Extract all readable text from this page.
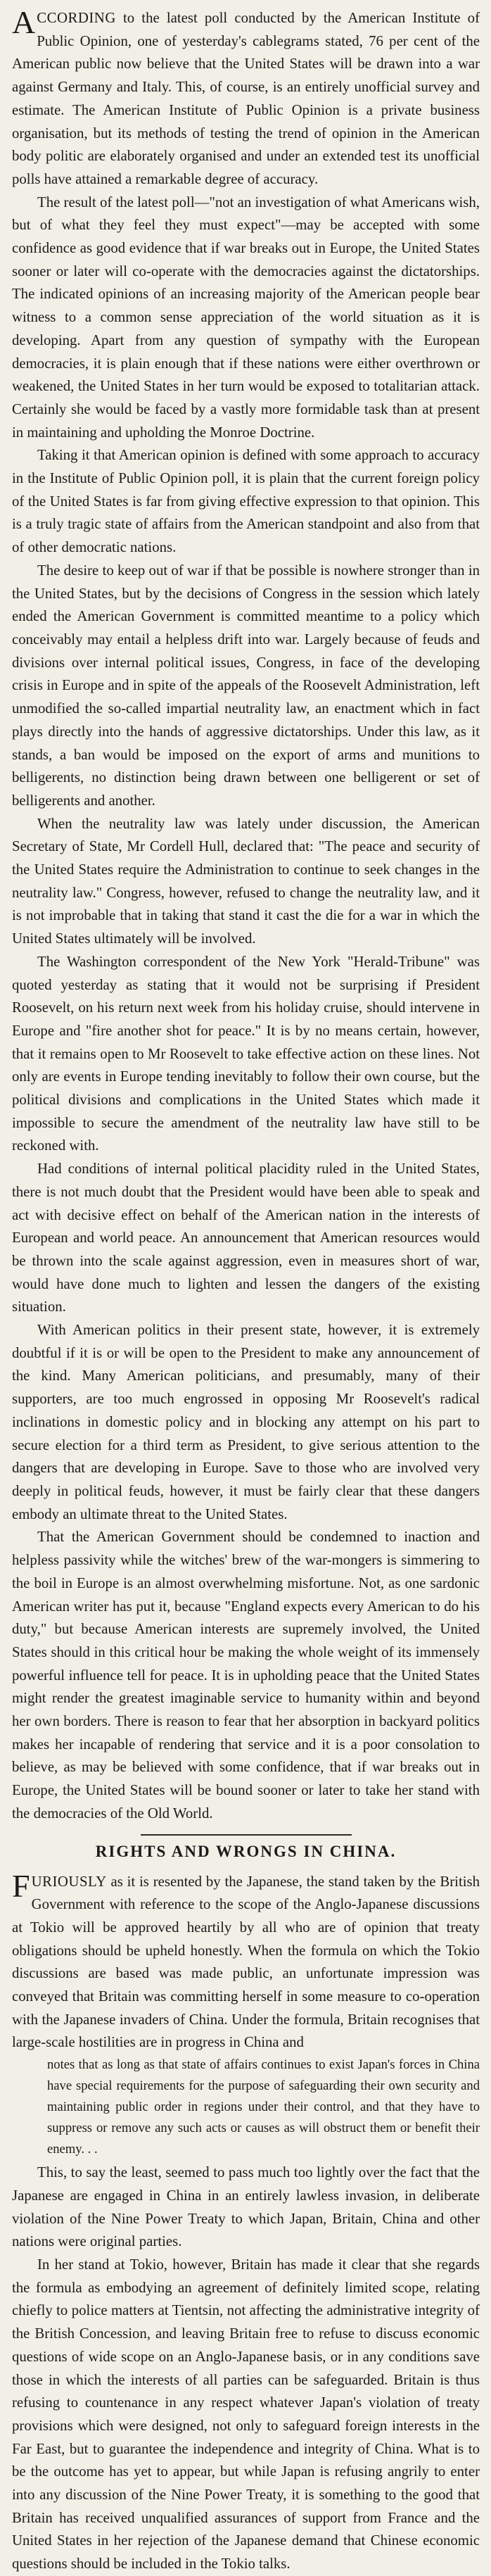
ACCORDING to the latest poll conducted by the American Institute of Public Opinion, one of yesterday's cablegrams stated, 76 per cent of the American public now believe that the United States will be drawn into a war against Germany and Italy. This, of course, is an entirely unofficial survey and estimate. The American Institute of Public Opinion is a private business organisation, but its methods of testing the trend of opinion in the American body politic are elaborately organised and under an extended test its unofficial polls have attained a remarkable degree of accuracy.

The result of the latest poll—"not an investigation of what Americans wish, but of what they feel they must expect"—may be accepted with some confidence as good evidence that if war breaks out in Europe, the United States sooner or later will co-operate with the democracies against the dictatorships. The indicated opinions of an increasing majority of the American people bear witness to a common sense appreciation of the world situation as it is developing. Apart from any question of sympathy with the European democracies, it is plain enough that if these nations were either overthrown or weakened, the United States in her turn would be exposed to totalitarian attack. Certainly she would be faced by a vastly more formidable task than at present in maintaining and upholding the Monroe Doctrine.

Taking it that American opinion is defined with some approach to accuracy in the Institute of Public Opinion poll, it is plain that the current foreign policy of the United States is far from giving effective expression to that opinion. This is a truly tragic state of affairs from the American standpoint and also from that of other democratic nations.

The desire to keep out of war if that be possible is nowhere stronger than in the United States, but by the decisions of Congress in the session which lately ended the American Government is committed meantime to a policy which conceivably may entail a helpless drift into war. Largely because of feuds and divisions over internal political issues, Congress, in face of the developing crisis in Europe and in spite of the appeals of the Roosevelt Administration, left unmodified the so-called impartial neutrality law, an enactment which in fact plays directly into the hands of aggressive dictatorships. Under this law, as it stands, a ban would be imposed on the export of arms and munitions to belligerents, no distinction being drawn between one belligerent or set of belligerents and another.

When the neutrality law was lately under discussion, the American Secretary of State, Mr Cordell Hull, declared that: "The peace and security of the United States require the Administration to continue to seek changes in the neutrality law." Congress, however, refused to change the neutrality law, and it is not improbable that in taking that stand it cast the die for a war in which the United States ultimately will be involved.

The Washington correspondent of the New York "Herald-Tribune" was quoted yesterday as stating that it would not be surprising if President Roosevelt, on his return next week from his holiday cruise, should intervene in Europe and "fire another shot for peace." It is by no means certain, however, that it remains open to Mr Roosevelt to take effective action on these lines. Not only are events in Europe tending inevitably to follow their own course, but the political divisions and complications in the United States which made it impossible to secure the amendment of the neutrality law have still to be reckoned with.

Had conditions of internal political placidity ruled in the United States, there is not much doubt that the President would have been able to speak and act with decisive effect on behalf of the American nation in the interests of European and world peace. An announcement that American resources would be thrown into the scale against aggression, even in measures short of war, would have done much to lighten and lessen the dangers of the existing situation.

With American politics in their present state, however, it is extremely doubtful if it is or will be open to the President to make any announcement of the kind. Many American politicians, and presumably, many of their supporters, are too much engrossed in opposing Mr Roosevelt's radical inclinations in domestic policy and in blocking any attempt on his part to secure election for a third term as President, to give serious attention to the dangers that are developing in Europe. Save to those who are involved very deeply in political feuds, however, it must be fairly clear that these dangers embody an ultimate threat to the United States.

That the American Government should be condemned to inaction and helpless passivity while the witches' brew of the war-mongers is simmering to the boil in Europe is an almost overwhelming misfortune. Not, as one sardonic American writer has put it, because "England expects every American to do his duty," but because American interests are supremely involved, the United States should in this critical hour be making the whole weight of its immensely powerful influence tell for peace. It is in upholding peace that the United States might render the greatest imaginable service to humanity within and beyond her own borders. There is reason to fear that her absorption in backyard politics makes her incapable of rendering that service and it is a poor consolation to believe, as may be believed with some confidence, that if war breaks out in Europe, the United States will be bound sooner or later to take her stand with the democracies of the Old World.

RIGHTS AND WRONGS IN CHINA.

FURIOUSLY as it is resented by the Japanese, the stand taken by the British Government with reference to the scope of the Anglo-Japanese discussions at Tokio will be approved heartily by all who are of opinion that treaty obligations should be upheld honestly. When the formula on which the Tokio discussions are based was made public, an unfortunate impression was conveyed that Britain was committing herself in some measure to co-operation with the Japanese invaders of China. Under the formula, Britain recognises that large-scale hostilities are in progress in China and

notes that as long as that state of affairs continues to exist Japan's forces in China have special requirements for the purpose of safeguarding their own security and maintaining public order in regions under their control, and that they have to suppress or remove any such acts or causes as will obstruct them or benefit their enemy. . .

This, to say the least, seemed to pass much too lightly over the fact that the Japanese are engaged in China in an entirely lawless invasion, in deliberate violation of the Nine Power Treaty to which Japan, Britain, China and other nations were original parties.

In her stand at Tokio, however, Britain has made it clear that she regards the formula as embodying an agreement of definitely limited scope, relating chiefly to police matters at Tientsin, not affecting the administrative integrity of the British Concession, and leaving Britain free to refuse to discuss economic questions of wide scope on an Anglo-Japanese basis, or in any conditions save those in which the interests of all parties can be safeguarded. Britain is thus refusing to countenance in any respect whatever Japan's violation of treaty provisions which were designed, not only to safeguard foreign interests in the Far East, but to guarantee the independence and integrity of China. What is to be the outcome has yet to appear, but while Japan is refusing angrily to enter into any discussion of the Nine Power Treaty, it is something to the good that Britain has received unqualified assurances of support from France and the United States in her rejection of the Japanese demand that Chinese economic questions should be included in the Tokio talks.
